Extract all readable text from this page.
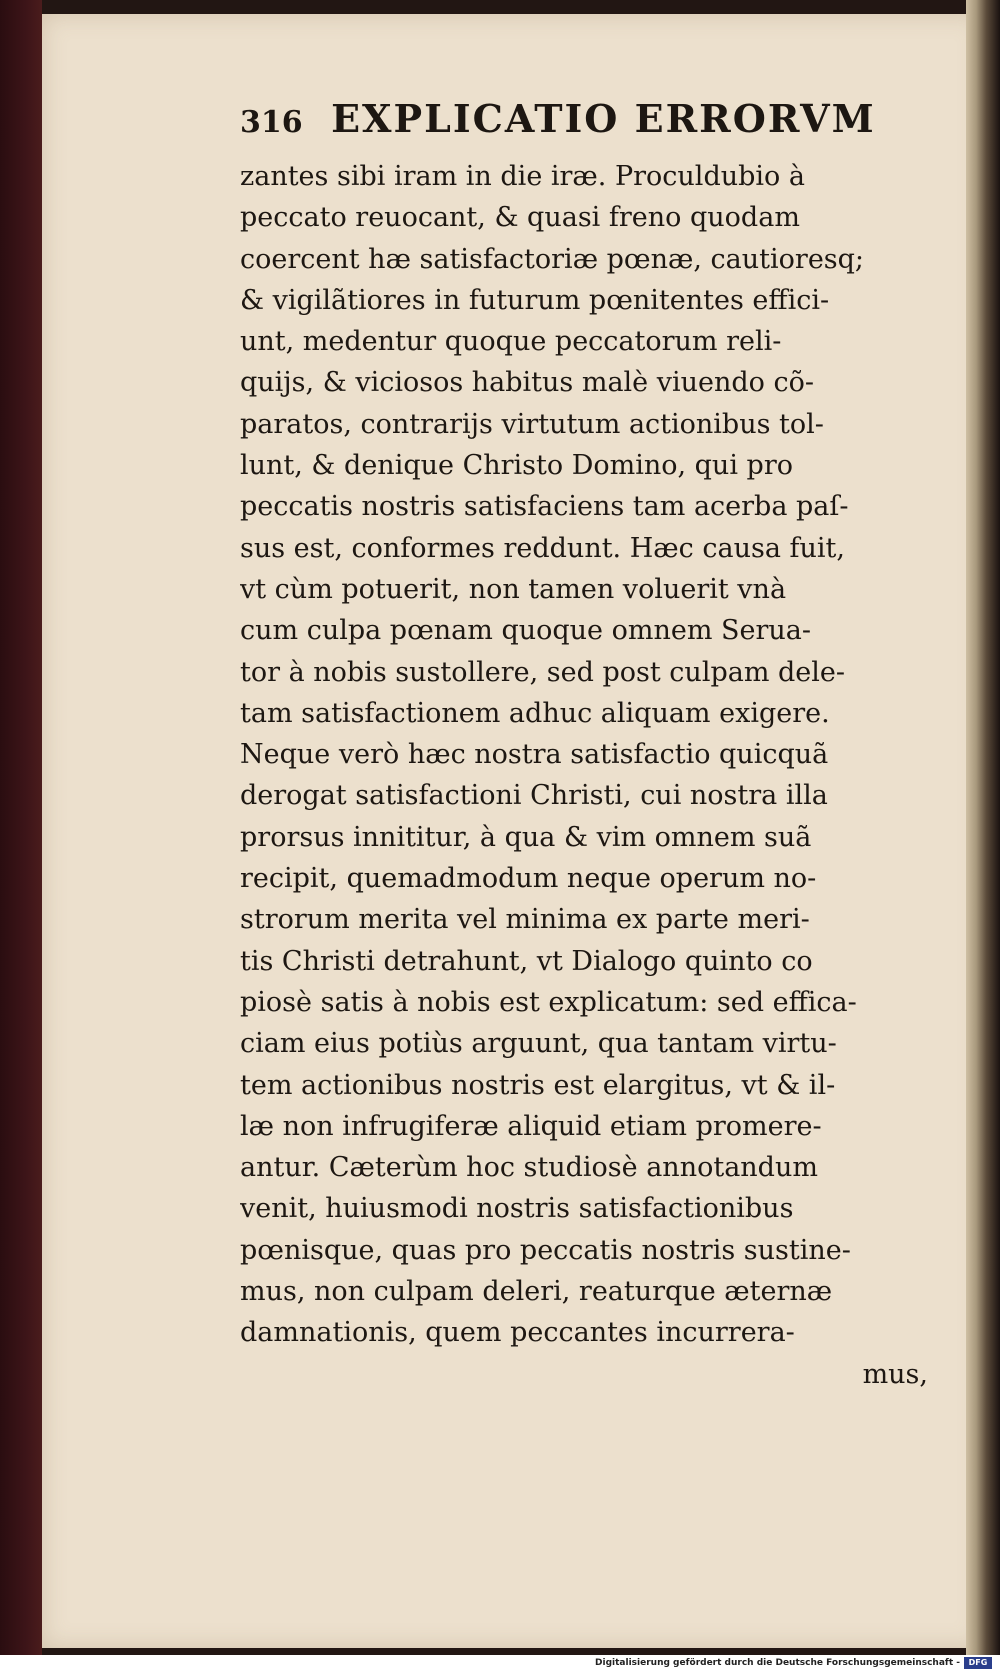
316 EXPLICATIO ERRORVM
zantes sibi iram in die iræ. Proculdubio à
peccato reuocant, & quasi freno quodam
coercent hæ satisfactoriæ pœnæ, cautioresq;
& vigilãtiores in futurum pœnitentes effici-
unt, medentur quoque peccatorum reli-
quijs, & viciosos habitus malè viuendo cõ-
paratos, contrarijs virtutum actionibus tol-
lunt, & denique Christo Domino, qui pro
peccatis nostris satisfaciens tam acerba paſ-
sus est, conformes reddunt. Hæc causa fuit,
vt cùm potuerit, non tamen voluerit vnà
cum culpa pœnam quoque omnem Serua-
tor à nobis sustollere, sed post culpam dele-
tam satisfactionem adhuc aliquam exigere.
Neque verò hæc nostra satisfactio quicquã
derogat satisfactioni Christi, cui nostra illa
prorsus innititur, à qua & vim omnem suã
recipit, quemadmodum neque operum no-
strorum merita vel minima ex parte meri-
tis Christi detrahunt, vt Dialogo quinto co
piosè satis à nobis est explicatum: sed effica-
ciam eius potiùs arguunt, qua tantam virtu-
tem actionibus nostris est elargitus, vt & il-
læ non infrugiferæ aliquid etiam promere-
antur. Cæterùm hoc studiosè annotandum
venit, huiusmodi nostris satisfactionibus
pœnisque, quas pro peccatis nostris sustine-
mus, non culpam deleri, reaturque æternæ
damnationis, quem peccantes incurrera-
mus,
Digitalisierung gefördert durch die Deutsche Forschungsgemeinschaft -	DFG
